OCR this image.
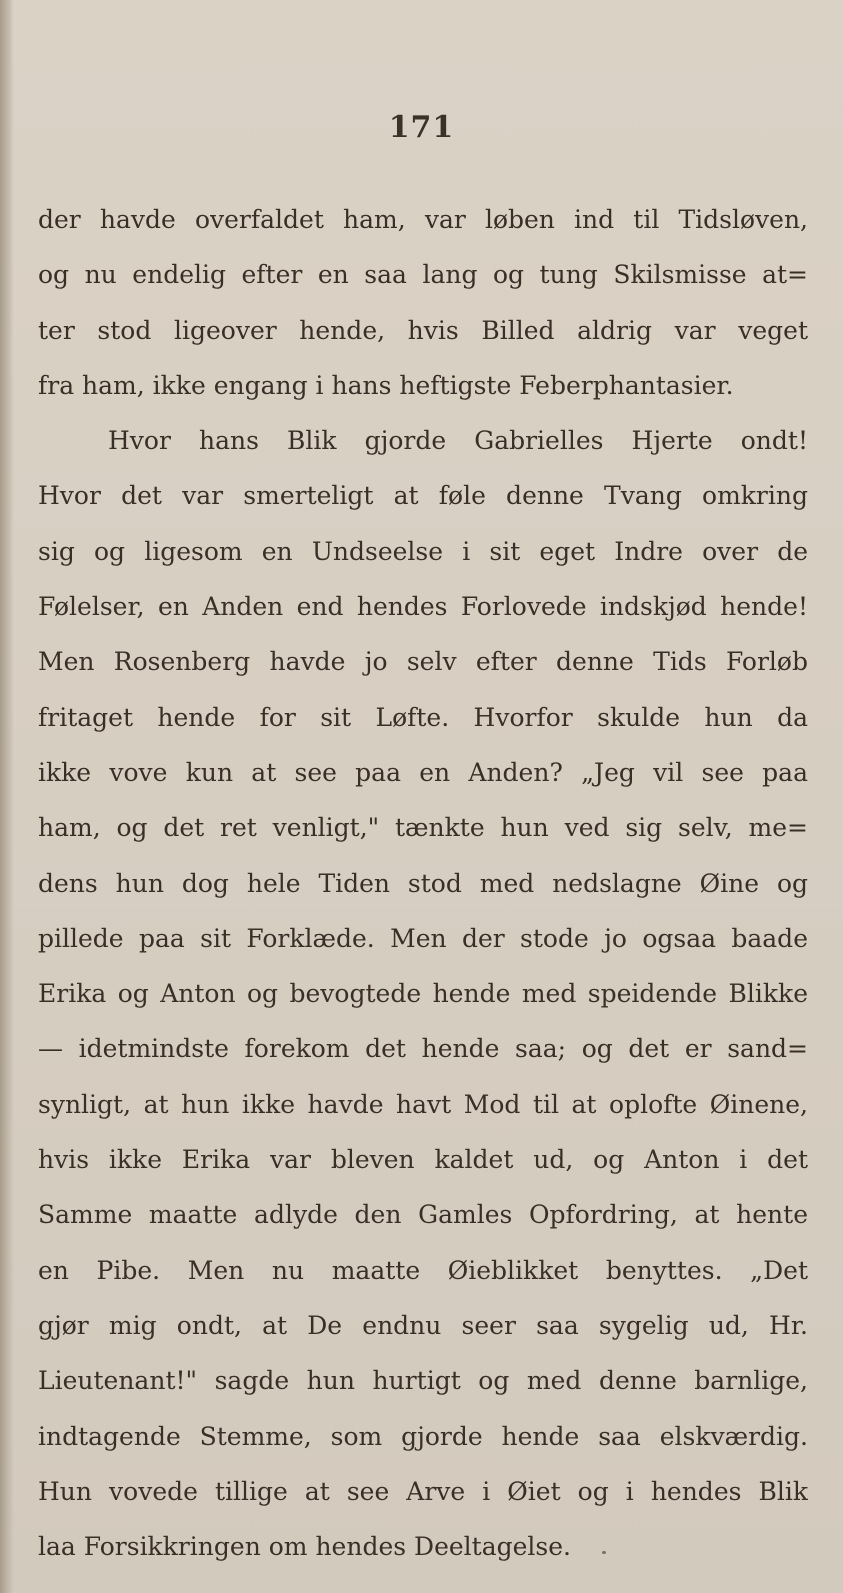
171
der havde overfaldet ham, var løben ind til Tidsløven,
og nu endelig efter en saa lang og tung Skilsmisse at=
ter stod ligeover hende, hvis Billed aldrig var veget
fra ham, ikke engang i hans heftigste Feberphantasier.
Hvor hans Blik gjorde Gabrielles Hjerte ondt!
Hvor det var smerteligt at føle denne Tvang omkring
sig og ligesom en Undseelse i sit eget Indre over de
Følelser, en Anden end hendes Forlovede indskjød hende!
Men Rosenberg havde jo selv efter denne Tids Forløb
fritaget hende for sit Løfte. Hvorfor skulde hun da
ikke vove kun at see paa en Anden? „Jeg vil see paa
ham, og det ret venligt," tænkte hun ved sig selv, me=
dens hun dog hele Tiden stod med nedslagne Øine og
pillede paa sit Forklæde. Men der stode jo ogsaa baade
Erika og Anton og bevogtede hende med speidende Blikke
— idetmindste forekom det hende saa; og det er sand=
synligt, at hun ikke havde havt Mod til at oplofte Øinene,
hvis ikke Erika var bleven kaldet ud, og Anton i det
Samme maatte adlyde den Gamles Opfordring, at hente
en Pibe. Men nu maatte Øieblikket benyttes. „Det
gjør mig ondt, at De endnu seer saa sygelig ud, Hr.
Lieutenant!" sagde hun hurtigt og med denne barnlige,
indtagende Stemme, som gjorde hende saa elskværdig.
Hun vovede tillige at see Arve i Øiet og i hendes Blik
laa Forsikkringen om hendes Deeltagelse.
